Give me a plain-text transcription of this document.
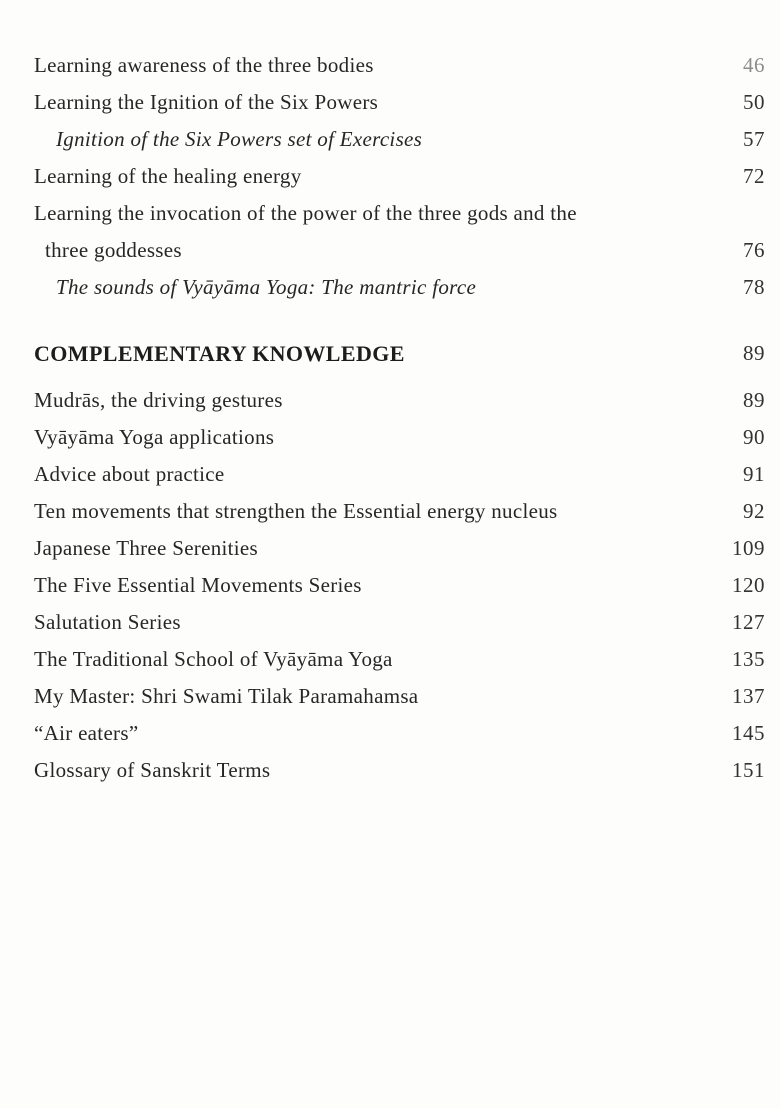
Learning awareness of the three bodies	46
Learning the Ignition of the Six Powers	50
Ignition of the Six Powers set of Exercises	57
Learning of the healing energy	72
Learning the invocation of the power of the three gods and the
three goddesses	76
The sounds of Vyāyāma Yoga: The mantric force	78
COMPLEMENTARY KNOWLEDGE	89
Mudrās, the driving gestures	89
Vyāyāma Yoga applications	90
Advice about practice	91
Ten movements that strengthen the Essential energy nucleus	92
Japanese Three Serenities	109
The Five Essential Movements Series	120
Salutation Series	127
The Traditional School of Vyāyāma Yoga	135
My Master: Shri Swami Tilak Paramahamsa	137
“Air eaters”	145
Glossary of Sanskrit Terms	151
